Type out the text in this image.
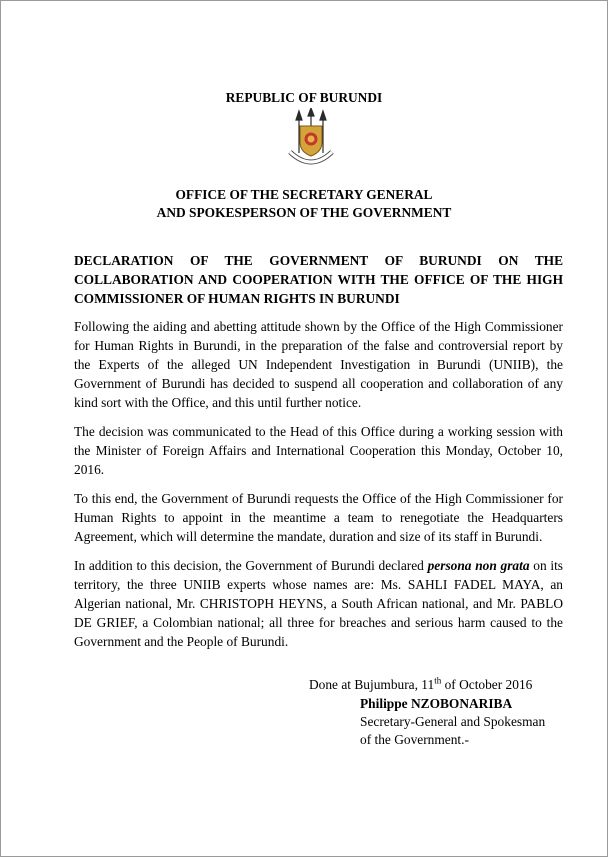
REPUBLIC OF BURUNDI
OFFICE OF THE SECRETARY GENERAL
AND SPOKESPERSON OF THE GOVERNMENT
DECLARATION OF THE GOVERNMENT OF BURUNDI ON THE COLLABORATION AND COOPERATION WITH THE OFFICE OF THE HIGH COMMISSIONER OF HUMAN RIGHTS IN BURUNDI

Following the aiding and abetting attitude shown by the Office of the High Commissioner for Human Rights in Burundi, in the preparation of the false and controversial report by the Experts of the alleged UN Independent Investigation in Burundi (UNIIB), the Government of Burundi has decided to suspend all cooperation and collaboration of any kind sort with the Office, and this until further notice.

The decision was communicated to the Head of this Office during a working session with the Minister of Foreign Affairs and International Cooperation this Monday, October 10, 2016.

To this end, the Government of Burundi requests the Office of the High Commissioner for Human Rights to appoint in the meantime a team to renegotiate the Headquarters Agreement, which will determine the mandate, duration and size of its staff in Burundi.

In addition to this decision, the Government of Burundi declared persona non grata on its territory, the three UNIIB experts whose names are: Ms. SAHLI FADEL MAYA, an Algerian national, Mr. CHRISTOPH HEYNS, a South African national, and Mr. PABLO DE GRIEF, a Colombian national; all three for breaches and serious harm caused to the Government and the People of Burundi.

Done at Bujumbura, 11th of October 2016
Philippe NZOBONARIBA
Secretary-General and Spokesman
of the Government.-
